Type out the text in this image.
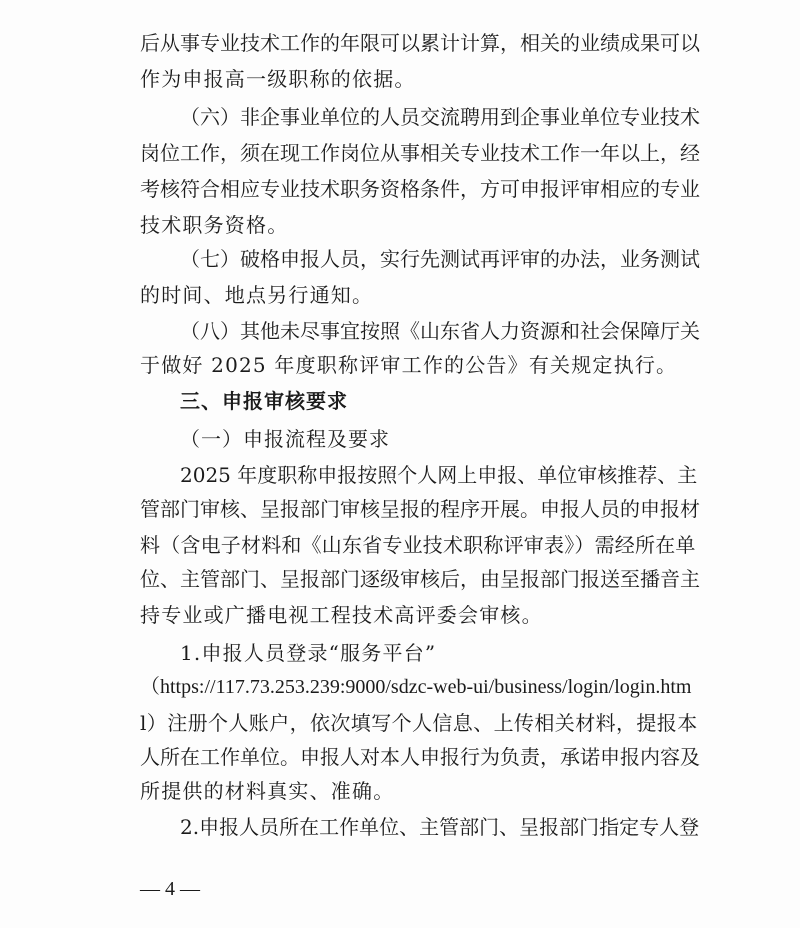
后从事专业技术工作的年限可以累计计算，相关的业绩成果可以
作为申报高一级职称的依据。
（六）非企事业单位的人员交流聘用到企事业单位专业技术
岗位工作，须在现工作岗位从事相关专业技术工作一年以上，经
考核符合相应专业技术职务资格条件，方可申报评审相应的专业
技术职务资格。
（七）破格申报人员，实行先测试再评审的办法，业务测试
的时间、地点另行通知。
（八）其他未尽事宜按照《山东省人力资源和社会保障厅关
于做好 2025 年度职称评审工作的公告》有关规定执行。
三、申报审核要求
（一）申报流程及要求
2025 年度职称申报按照个人网上申报、单位审核推荐、主
管部门审核、呈报部门审核呈报的程序开展。申报人员的申报材
料（含电子材料和《山东省专业技术职称评审表》）需经所在单
位、主管部门、呈报部门逐级审核后，由呈报部门报送至播音主
持专业或广播电视工程技术高评委会审核。
1.申报人员登录“服务平台”
（https://117.73.253.239:9000/sdzc-web-ui/business/login/login.htm
l）注册个人账户，依次填写个人信息、上传相关材料，提报本
人所在工作单位。申报人对本人申报行为负责，承诺申报内容及
所提供的材料真实、准确。
2.申报人员所在工作单位、主管部门、呈报部门指定专人登
— 4 —
